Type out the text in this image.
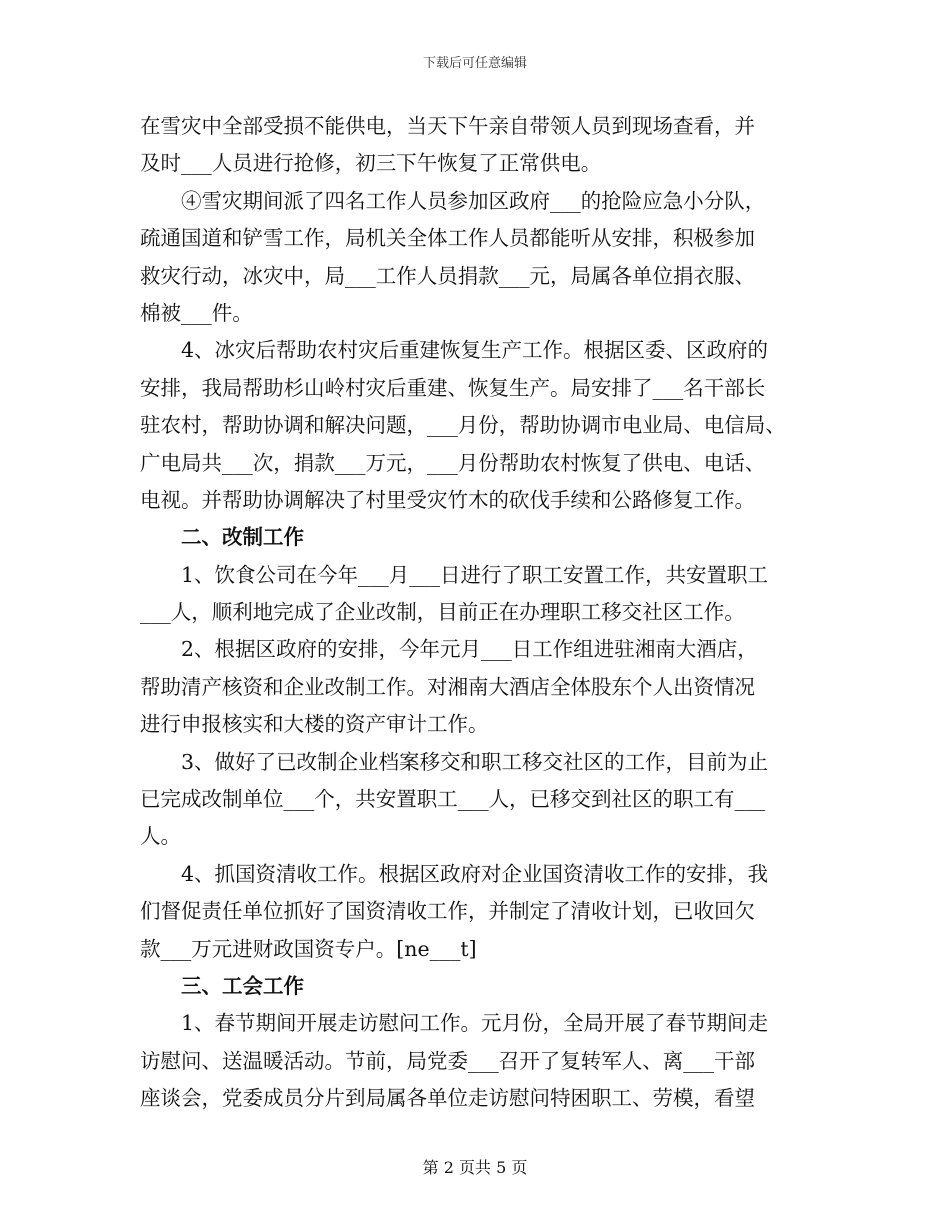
下载后可任意编辑
在雪灾中全部受损不能供电，当天下午亲自带领人员到现场查看，并
及时___人员进行抢修，初三下午恢复了正常供电。
④雪灾期间派了四名工作人员参加区政府___的抢险应急小分队，
疏通国道和铲雪工作，局机关全体工作人员都能听从安排，积极参加
救灾行动，冰灾中，局___工作人员捐款___元，局属各单位捐衣服、
棉被___件。
4、冰灾后帮助农村灾后重建恢复生产工作。根据区委、区政府的
安排，我局帮助杉山岭村灾后重建、恢复生产。局安排了___名干部长
驻农村，帮助协调和解决问题，___月份，帮助协调市电业局、电信局、
广电局共___次，捐款___万元，___月份帮助农村恢复了供电、电话、
电视。并帮助协调解决了村里受灾竹木的砍伐手续和公路修复工作。
二、改制工作
1、饮食公司在今年___月___日进行了职工安置工作，共安置职工
___人，顺利地完成了企业改制，目前正在办理职工移交社区工作。
2、根据区政府的安排，今年元月___日工作组进驻湘南大酒店，
帮助清产核资和企业改制工作。对湘南大酒店全体股东个人出资情况
进行申报核实和大楼的资产审计工作。
3、做好了已改制企业档案移交和职工移交社区的工作，目前为止
已完成改制单位___个，共安置职工___人，已移交到社区的职工有___
人。
4、抓国资清收工作。根据区政府对企业国资清收工作的安排，我
们督促责任单位抓好了国资清收工作，并制定了清收计划，已收回欠
款___万元进财政国资专户。[ne___t]
三、工会工作
1、春节期间开展走访慰问工作。元月份，全局开展了春节期间走
访慰问、送温暖活动。节前，局党委___召开了复转军人、离___干部
座谈会，党委成员分片到局属各单位走访慰问特困职工、劳模，看望
第 2 页共 5 页
